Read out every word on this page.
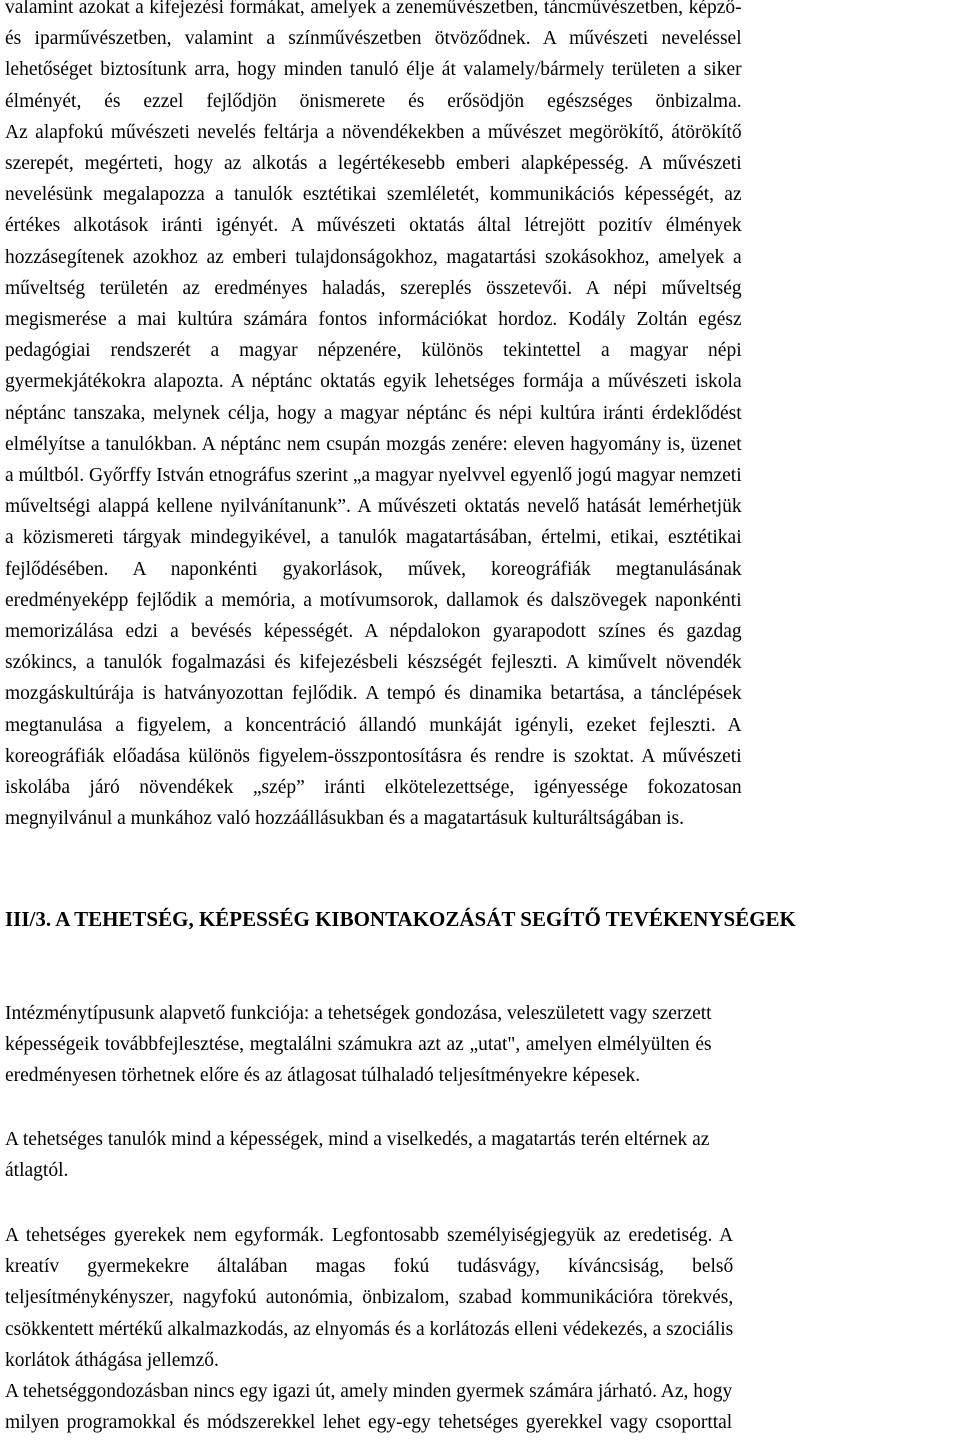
valamint azokat a kifejezési formákat, amelyek a zeneművészetben, táncművészetben, képző-
és iparművészetben, valamint a színművészetben ötvöződnek. A művészeti neveléssel
lehetőséget biztosítunk arra, hogy minden tanuló élje át valamely/bármely területen a siker
élményét, és ezzel fejlődjön önismerete és erősödjön egészséges önbizalma.
Az alapfokú művészeti nevelés feltárja a növendékekben a művészet megörökítő, átörökítő
szerepét, megérteti, hogy az alkotás a legértékesebb emberi alapképesség. A művészeti
nevelésünk megalapozza a tanulók esztétikai szemléletét, kommunikációs képességét, az
értékes alkotások iránti igényét. A művészeti oktatás által létrejött pozitív élmények
hozzásegítenek azokhoz az emberi tulajdonságokhoz, magatartási szokásokhoz, amelyek a
műveltség területén az eredményes haladás, szereplés összetevői. A népi műveltség
megismerése a mai kultúra számára fontos információkat hordoz. Kodály Zoltán egész
pedagógiai rendszerét a magyar népzenére, különös tekintettel a magyar népi
gyermekjátékokra alapozta. A néptánc oktatás egyik lehetséges formája a művészeti iskola
néptánc tanszaka, melynek célja, hogy a magyar néptánc és népi kultúra iránti érdeklődést
elmélyítse a tanulókban. A néptánc nem csupán mozgás zenére: eleven hagyomány is, üzenet
a múltból. Győrffy István etnográfus szerint „a magyar nyelvvel egyenlő jogú magyar nemzeti
műveltségi alappá kellene nyilvánítanunk”. A művészeti oktatás nevelő hatását lemérhetjük
a közismereti tárgyak mindegyikével, a tanulók magatartásában, értelmi, etikai, esztétikai
fejlődésében. A naponkénti gyakorlások, művek, koreográfiák megtanulásának
eredményeképp fejlődik a memória, a motívumsorok, dallamok és dalszövegek naponkénti
memorizálása edzi a bevésés képességét. A népdalokon gyarapodott színes és gazdag
szókincs, a tanulók fogalmazási és kifejezésbeli készségét fejleszti. A kiművelt növendék
mozgáskultúrája is hatványozottan fejlődik. A tempó és dinamika betartása, a tánclépések
megtanulása a figyelem, a koncentráció állandó munkáját igényli, ezeket fejleszti. A
koreográfiák előadása különös figyelem-összpontosításra és rendre is szoktat. A művészeti
iskolába járó növendékek „szép” iránti elkötelezettsége, igényessége fokozatosan
megnyilvánul a munkához való hozzáállásukban és a magatartásuk kulturáltságában is.
III/3. A TEHETSÉG, KÉPESSÉG KIBONTAKOZÁSÁT SEGÍTŐ TEVÉKENYSÉGEK
Intézménytípusunk alapvető funkciója: a tehetségek gondozása, veleszületett vagy szerzett
képességeik továbbfejlesztése, megtalálni számukra azt az „utat", amelyen elmélyülten és
eredményesen törhetnek előre és az átlagosat túlhaladó teljesítményekre képesek.
A tehetséges tanulók mind a képességek, mind a viselkedés, a magatartás terén eltérnek az
átlagtól.
A tehetséges gyerekek nem egyformák. Legfontosabb személyiségjegyük az eredetiség. A
kreatív gyermekekre általában magas fokú tudásvágy, kíváncsiság, belső
teljesítménykényszer, nagyfokú autonómia, önbizalom, szabad kommunikációra törekvés,
csökkentett mértékű alkalmazkodás, az elnyomás és a korlátozás elleni védekezés, a szociális
korlátok áthágása jellemző.
A tehetséggondozásban nincs egy igazi út, amely minden gyermek számára járható. Az, hogy
milyen programokkal és módszerekkel lehet egy-egy tehetséges gyerekkel vagy csoporttal
